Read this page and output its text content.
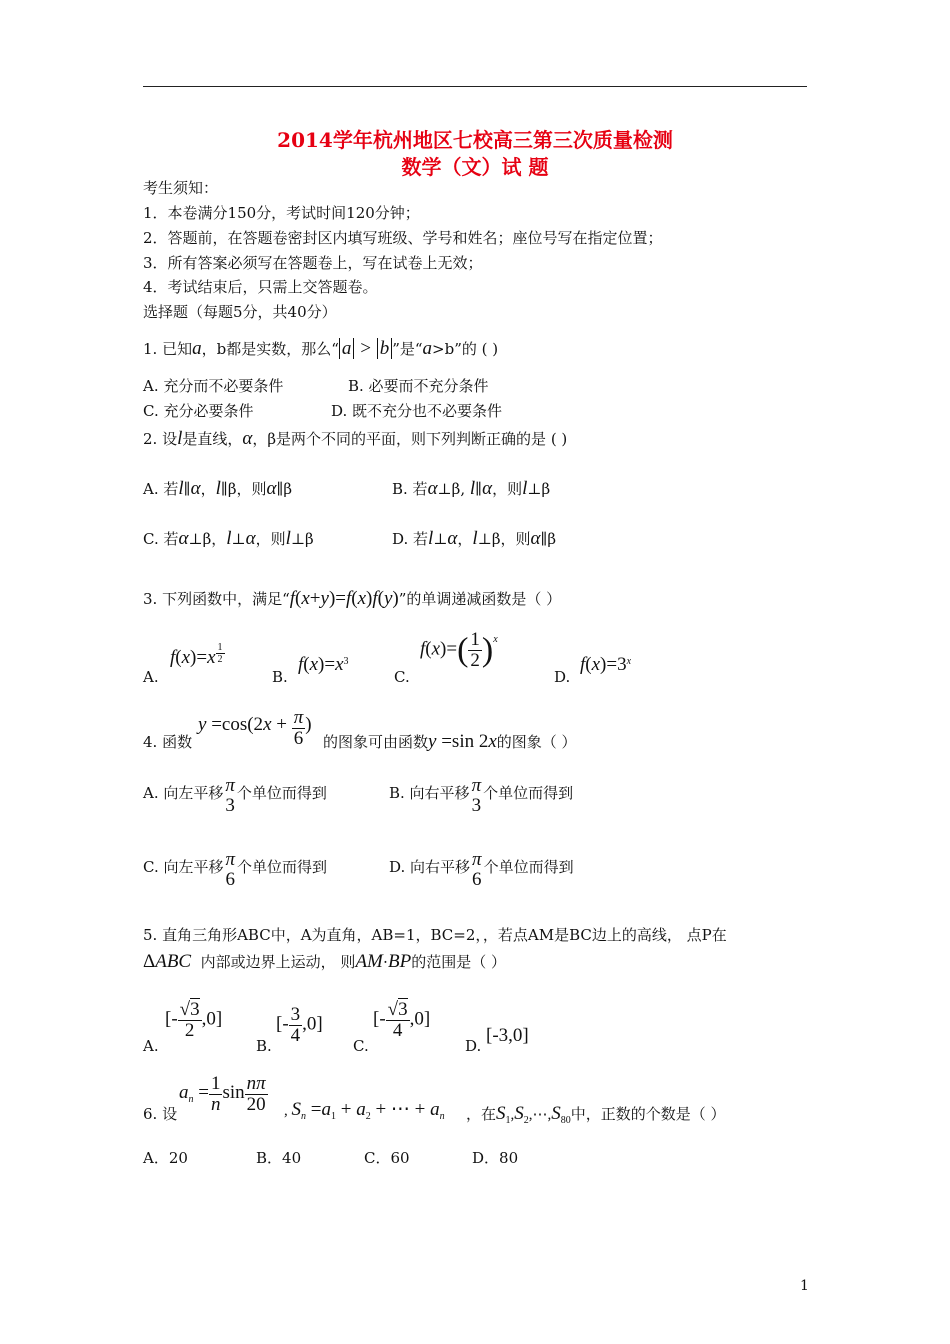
2014学年杭州地区七校高三第三次质量检测
数学（文）试 题
考生须知：
1．本卷满分150分，考试时间120分钟；
2．答题前，在答题卷密封区内填写班级、学号和姓名；座位号写在指定位置；
3．所有答案必须写在答题卷上，写在试卷上无效；
4．考试结束后，只需上交答题卷。
选择题（每题5分，共40分）
1. 已知a，b都是实数，那么“ a > b ”是“a>b”的 ( )
A. 充分而不必要条件	B. 必要而不充分条件
C. 充分必要条件	D. 既不充分也不必要条件
2. 设l是直线，α，β是两个不同的平面，则下列判断正确的是 ( )
A. 若l∥α，l∥β，则α∥β	B. 若α⊥β, l∥α，则l⊥β
C. 若α⊥β，l⊥α，则l⊥β	D. 若l⊥α，l⊥β，则α∥β
3. 下列函数中，满足“f(x+y)=f(x)f(y)”的单调递减函数是（ ）
A.
$f(x)=x \frac{1}{2}$
B.
$f(x)=x^3$
C.
$f(x)=( \frac{1}{2} )^x$
D.
$f(x)=3^x$
4. 函数
$y =\cos(2x + \frac{\pi}{6}$ )
的图象可由函数y =sin 2x的图象（ ）
A. 向左平移 π
3
个单位而得到	B. 向右平移 π
3
个单位而得到
C. 向左平移 π
6
个单位而得到	D. 向右平移 π
6
个单位而得到
5. 直角三角形ABC中，A为直角，AB=1，BC=2，，若点AM是BC边上的高线， 点P在
ΔABC 内部或边界上运动， 则AM⋅BP的范围是（ ）
A.
[- $\frac{√3}{2} ,0$]
B.
[- $\frac{3}{4} ,0$]
C.
[- $\frac{√3}{4} ,0$]
D. [-3,0]
6. 设
$a_n = \frac{1}{n}$ $\sin \frac{n\pi}{20}$ , $S_n =a_1 + a_2$ + ⋯ + $a_n$ ，在$S_1,S_2,\cdots,S_{80}$中，正数的个数是（ ）
A．20	B．40	C．60	D．80
1
